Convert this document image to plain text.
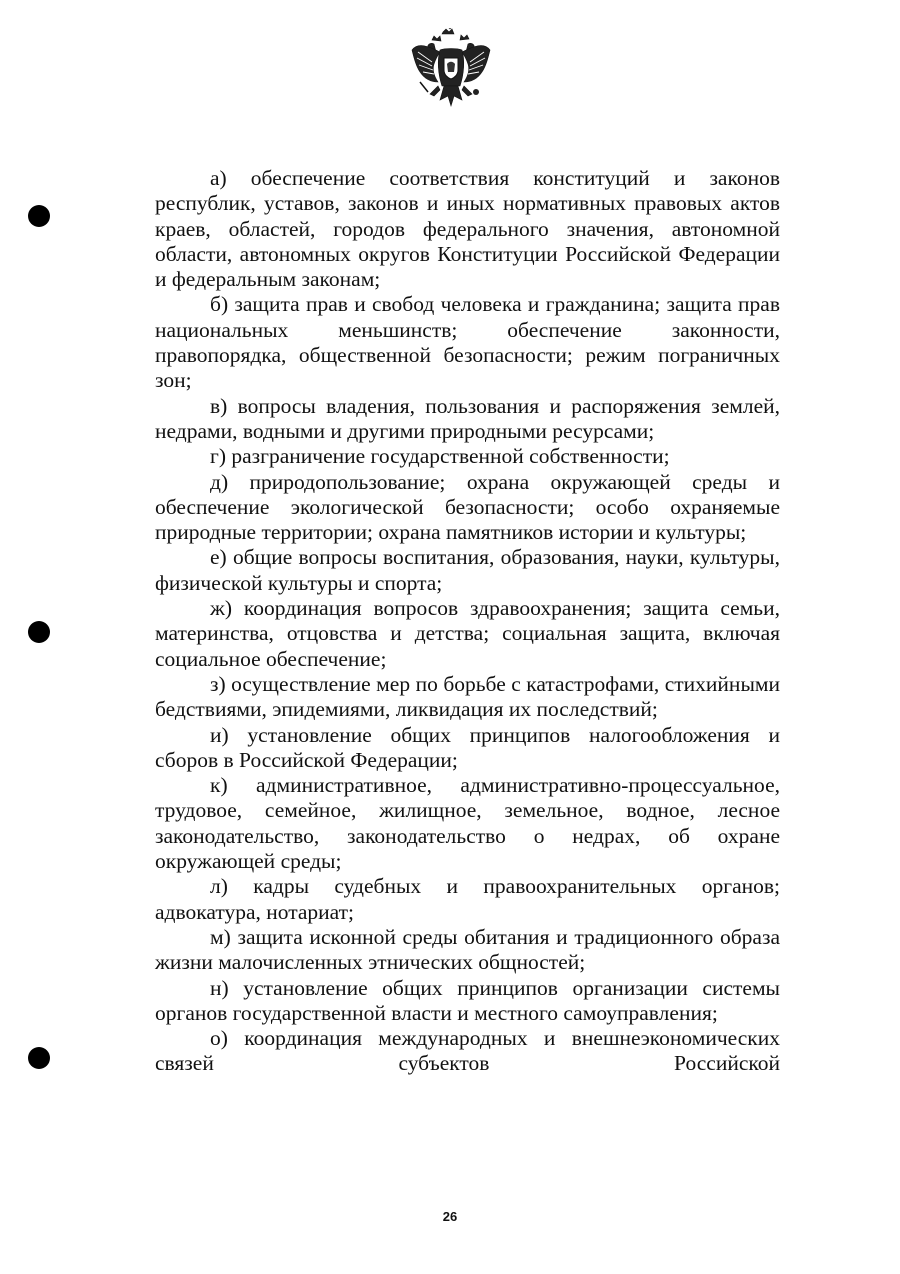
а) обеспечение соответствия конституций и законов республик, уставов, законов и иных нормативных правовых актов краев, областей, городов федерального значения, автономной области, автономных округов Конституции Российской Федерации и федеральным законам;

б) защита прав и свобод человека и гражданина; защита прав национальных меньшинств; обеспечение законности, правопорядка, общественной безопасности; режим пограничных зон;

в) вопросы владения, пользования и распоряжения землей, недрами, водными и другими природными ресурсами;

г) разграничение государственной собственности;

д) природопользование; охрана окружающей среды и обеспечение экологической безопасности; особо охраняемые природные территории; охрана памятников истории и культуры;

е) общие вопросы воспитания, образования, науки, культуры, физической культуры и спорта;

ж) координация вопросов здравоохранения; защита семьи, материнства, отцовства и детства; социальная защита, включая социальное обеспечение;

з) осуществление мер по борьбе с катастрофами, стихийными бедствиями, эпидемиями, ликвидация их последствий;

и) установление общих принципов налогообложения и сборов в Российской Федерации;

к) административное, административно-процессуальное, трудовое, семейное, жилищное, земельное, водное, лесное законодательство, законодательство о недрах, об охране окружающей среды;

л) кадры судебных и правоохранительных органов; адвокатура, нотариат;

м) защита исконной среды обитания и традиционного образа жизни малочисленных этнических общностей;

н) установление общих принципов организации системы органов государственной власти и местного самоуправления;

о) координация международных и внешнеэкономических связей субъектов Российской

26
